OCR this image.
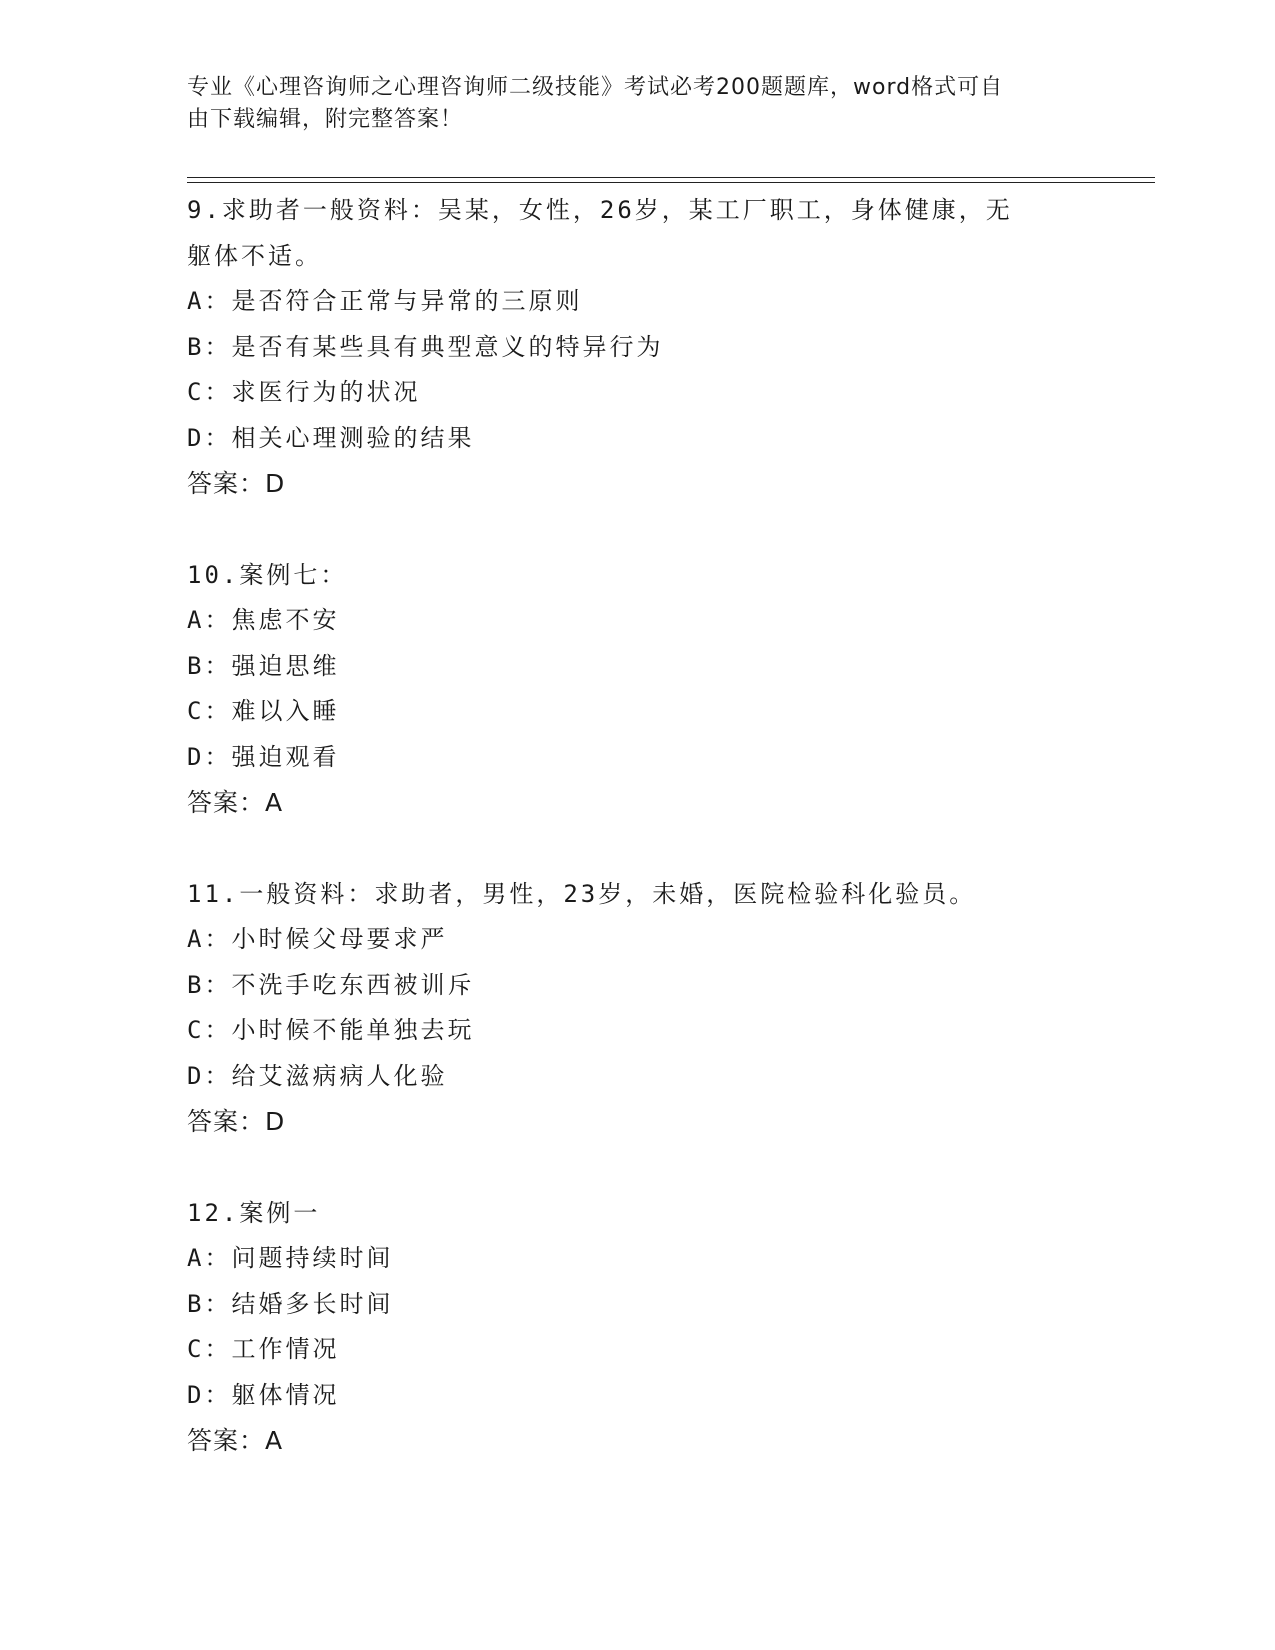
专业《心理咨询师之心理咨询师二级技能》考试必考200题题库，word格式可自
由下载编辑，附完整答案！
9.求助者一般资料：吴某，女性，26岁，某工厂职工，身体健康，无
躯体不适。
A：是否符合正常与异常的三原则
B：是否有某些具有典型意义的特异行为
C：求医行为的状况
D：相关心理测验的结果
答案：D
10.案例七：
A：焦虑不安
B：强迫思维
C：难以入睡
D：强迫观看
答案：A
11.一般资料：求助者，男性，23岁，未婚，医院检验科化验员。
A：小时候父母要求严
B：不洗手吃东西被训斥
C：小时候不能单独去玩
D：给艾滋病病人化验
答案：D
12.案例一
A：问题持续时间
B：结婚多长时间
C：工作情况
D：躯体情况
答案：A
